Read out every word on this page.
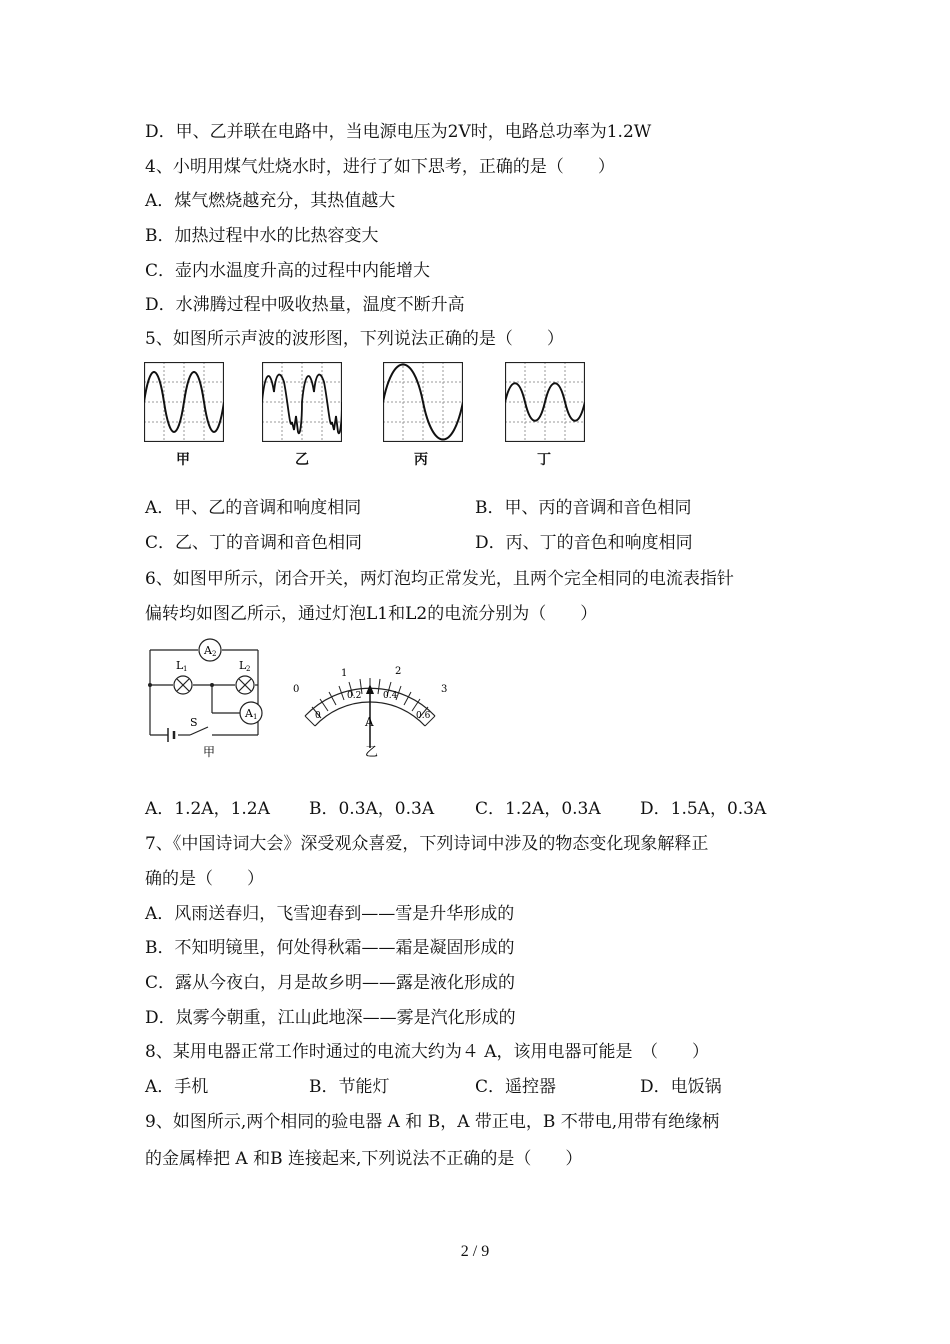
D．甲、乙并联在电路中，当电源电压为2V时，电路总功率为1.2W
4、小明用煤气灶烧水时，进行了如下思考，正确的是（　　）
A．煤气燃烧越充分，其热值越大
B．加热过程中水的比热容变大
C．壶内水温度升高的过程中内能增大
D．水沸腾过程中吸收热量，温度不断升高
5、如图所示声波的波形图，下列说法正确的是（　　）
甲	乙	丙	丁
A．甲、乙的音调和响度相同	B．甲、丙的音调和音色相同
C．乙、丁的音调和音色相同	D．丙、丁的音色和响度相同
6、如图甲所示，闭合开关，两灯泡均正常发光，且两个完全相同的电流表指针
偏转均如图乙所示，通过灯泡L1和L2的电流分别为（　　）
A 2
L 1	L 2
A 1
S
甲
1	2
3
0
0.2 0.4
0.6
0	A
乙
A．1.2A，1.2A B．0.3A，0.3A C．1.2A，0.3A D．1.5A，0.3A
7、《中国诗词大会》深受观众喜爱，下列诗词中涉及的物态变化现象解释正
确的是（　　）
A．风雨送春归，飞雪迎春到——雪是升华形成的
B．不知明镜里，何处得秋霜——霜是凝固形成的
C．露从今夜白，月是故乡明——露是液化形成的
D．岚雾今朝重，江山此地深——雾是汽化形成的
8、某用电器正常工作时通过的电流大约为４ A，该用电器可能是　（　　）
A．手机	B．节能灯	C．遥控器	D．电饭锅
9、如图所示,两个相同的验电器 A 和 B，A 带正电，B 不带电,用带有绝缘柄
的金属棒把 A 和B 连接起来,下列说法不正确的是（　　）
2 / 9
